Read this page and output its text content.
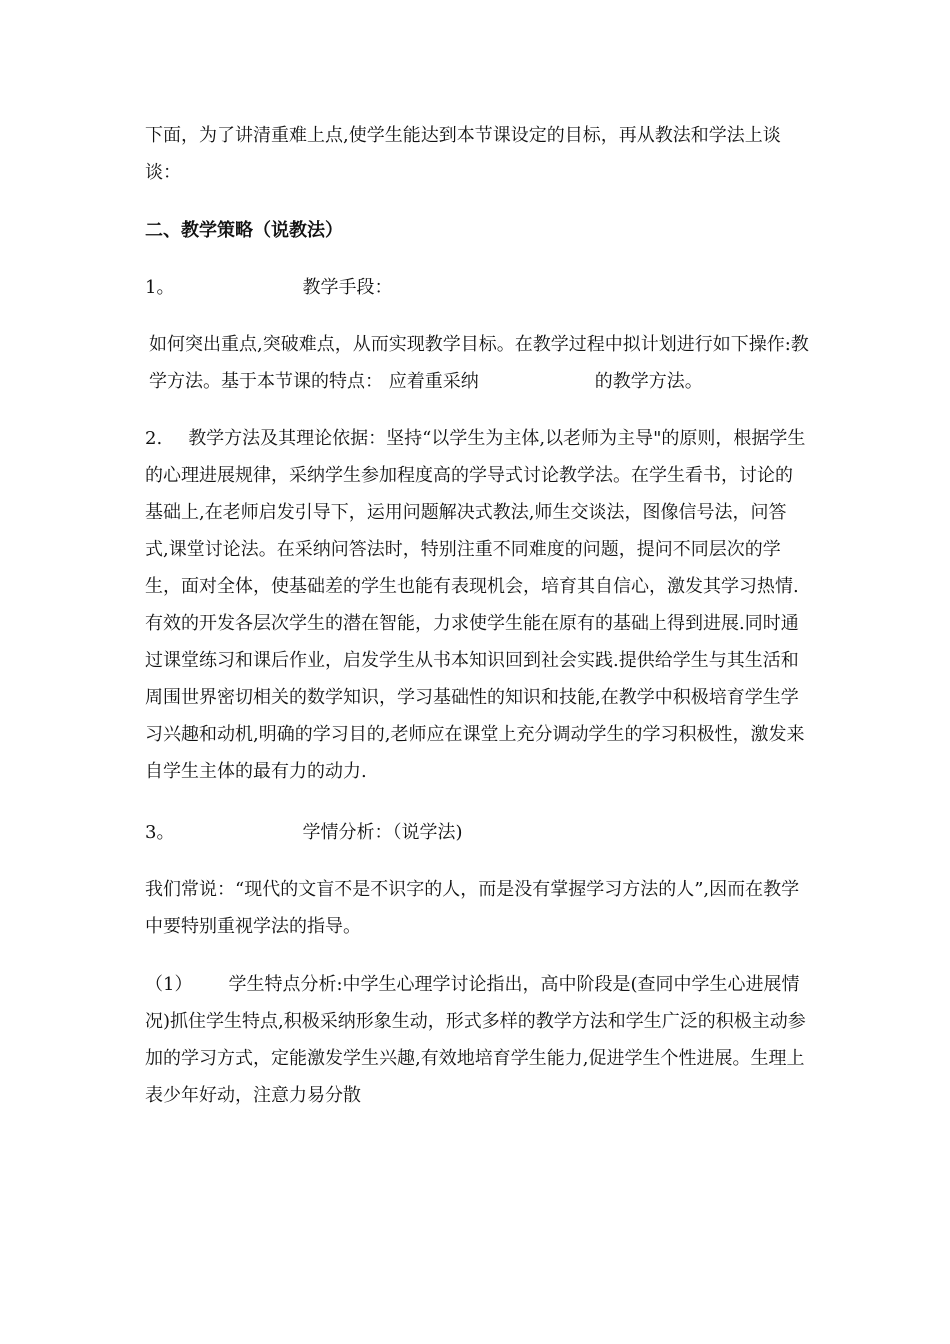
下面，为了讲清重难上点,使学生能达到本节课设定的目标，再从教法和学法上谈谈：

二、教学策略（说教法）

1。	教学手段：

如何突出重点,突破难点，从而实现教学目标。在教学过程中拟计划进行如下操作:教学方法。基于本节课的特点： 应着重采纳	的教学方法。

2. 教学方法及其理论依据：坚持“以学生为主体,以老师为主导"的原则，根据学生的心理进展规律，采纳学生参加程度高的学导式讨论教学法。在学生看书，讨论的基础上,在老师启发引导下，运用问题解决式教法,师生交谈法，图像信号法，问答式,课堂讨论法。在采纳问答法时，特别注重不同难度的问题，提问不同层次的学生，面对全体，使基础差的学生也能有表现机会，培育其自信心，激发其学习热情.有效的开发各层次学生的潜在智能，力求使学生能在原有的基础上得到进展.同时通过课堂练习和课后作业，启发学生从书本知识回到社会实践.提供给学生与其生活和周围世界密切相关的数学知识，学习基础性的知识和技能,在教学中积极培育学生学习兴趣和动机,明确的学习目的,老师应在课堂上充分调动学生的学习积极性，激发来自学生主体的最有力的动力.

3。	学情分析：（说学法)

我们常说：“现代的文盲不是不识字的人，而是没有掌握学习方法的人”,因而在教学中要特别重视学法的指导。

（1） 学生特点分析:中学生心理学讨论指出，高中阶段是(查同中学生心进展情况)抓住学生特点,积极采纳形象生动，形式多样的教学方法和学生广泛的积极主动参加的学习方式，定能激发学生兴趣,有效地培育学生能力,促进学生个性进展。生理上表少年好动，注意力易分散
